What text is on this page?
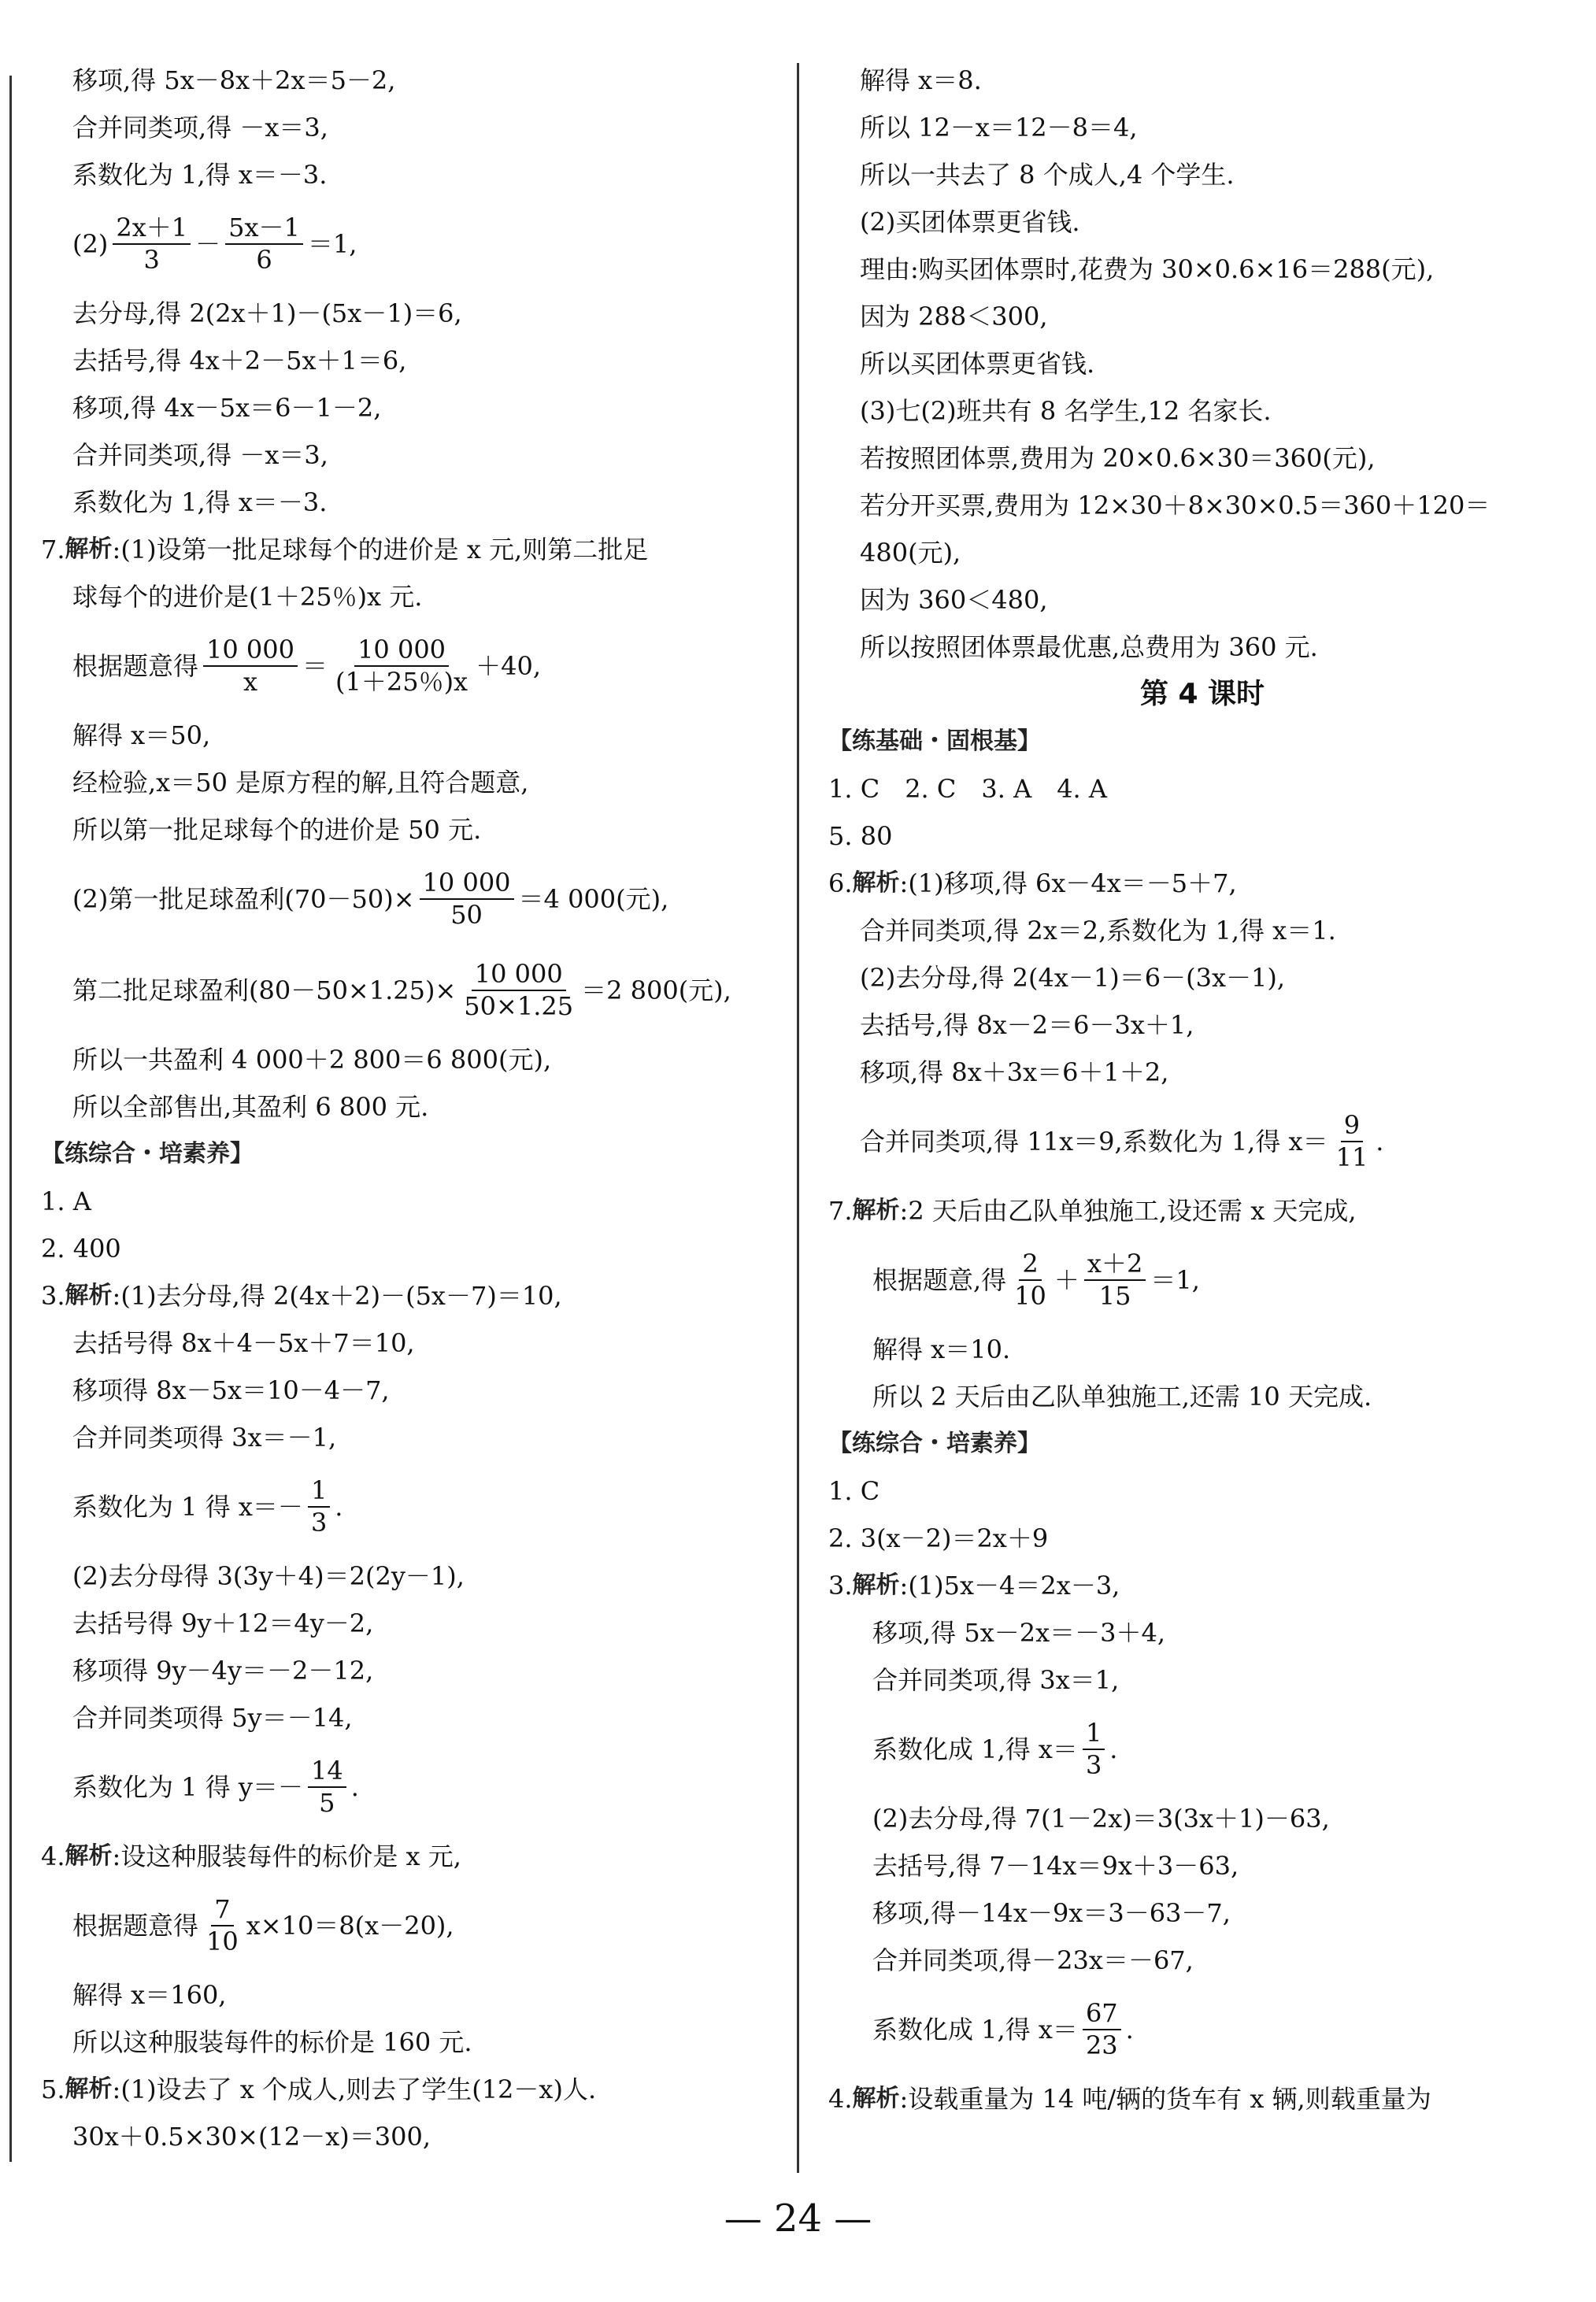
移项,得 5x－8x＋2x＝5－2,
合并同类项,得 －x＝3,
系数化为 1,得 x＝－3.
$(2) \frac{2x+1}{3} - \frac{5x-1}{6} =1$,
去分母,得 2(2x＋1)－(5x－1)＝6,
去括号,得 4x＋2－5x＋1＝6,
移项,得 4x－5x＝6－1－2,
合并同类项,得 －x＝3,
系数化为 1,得 x＝－3.
7. 解析 :(1)设第一批足球每个的进价是 x 元,则第二批足
球每个的进价是(1＋25％)x 元.
根据题意得 $\frac{10 000}{x} = \frac{10 000}{(1+25\%)x} +40$,
解得 x＝50,
经检验,x＝50 是原方程的解,且符合题意,
所以第一批足球每个的进价是 50 元.
(2)第一批足球盈利$(70-50)\times \frac{10 000}{50} =4$ 000(元),
第二批足球盈利$(80-50\times 1.25)\times \frac{10 000}{50\times 1.25} =2$ 800(元),
所以一共盈利 4 000＋2 800＝6 800(元),
所以全部售出,其盈利 6 800 元.
【练综合・培素养】
1. A
2. 400
3. 解析 :(1)去分母,得 2(4x＋2)－(5x－7)＝10,
去括号得 8x＋4－5x＋7＝10,
移项得 8x－5x＝10－4－7,
合并同类项得 3x＝－1,
系数化为 1 得 $x=- \frac{1}{3}$ .
(2)去分母得 3(3y＋4)＝2(2y－1),
去括号得 9y＋12＝4y－2,
移项得 9y－4y＝－2－12,
合并同类项得 5y＝－14,
系数化为 1 得 $y=- \frac{14}{5}$ .
4. 解析 :设这种服装每件的标价是 x 元,
根据题意得 $\frac{7}{10} x\times 10=8(x-20)$,
解得 x＝160,
所以这种服装每件的标价是 160 元.
5. 解析 :(1)设去了 x 个成人,则去了学生(12－x)人.
30x＋0.5×30×(12－x)＝300,
解得 x＝8.
所以 12－x＝12－8＝4,
所以一共去了 8 个成人,4 个学生.
(2)买团体票更省钱.
理由:购买团体票时,花费为 30×0.6×16＝288(元),
因为 288＜300,
所以买团体票更省钱.
(3)七(2)班共有 8 名学生,12 名家长.
若按照团体票,费用为 20×0.6×30＝360(元),
若分开买票,费用为 12×30＋8×30×0.5＝360＋120＝
480(元),
因为 360＜480,
所以按照团体票最优惠,总费用为 360 元.
第 4 课时
【练基础・固根基】
1. C　2. C　3. A　4. A
5. 80
6. 解析 :(1)移项,得 6x－4x＝－5＋7,
合并同类项,得 2x＝2,系数化为 1,得 x＝1.
(2)去分母,得 2(4x－1)＝6－(3x－1),
去括号,得 8x－2＝6－3x＋1,
移项,得 8x＋3x＝6＋1＋2,
合并同类项,得 11x＝9,系数化为 1,得 $x= \frac{9}{11}$ .
7. 解析 :2 天后由乙队单独施工,设还需 x 天完成,
根据题意,得 $\frac{2}{10} + \frac{x+2}{15} =1$,
解得 x＝10.
所以 2 天后由乙队单独施工,还需 10 天完成.
【练综合・培素养】
1. C
2. 3(x－2)＝2x＋9
3. 解析 :(1)5x－4＝2x－3,
移项,得 5x－2x＝－3＋4,
合并同类项,得 3x＝1,
系数化成 1,得 $x= \frac{1}{3}$ .
(2)去分母,得 7(1－2x)＝3(3x＋1)－63,
去括号,得 7－14x＝9x＋3－63,
移项,得－14x－9x＝3－63－7,
合并同类项,得－23x＝－67,
系数化成 1,得 $x= \frac{67}{23}$ .
4. 解析 :设载重量为 14 吨/辆的货车有 x 辆,则载重量为
— 24 —
